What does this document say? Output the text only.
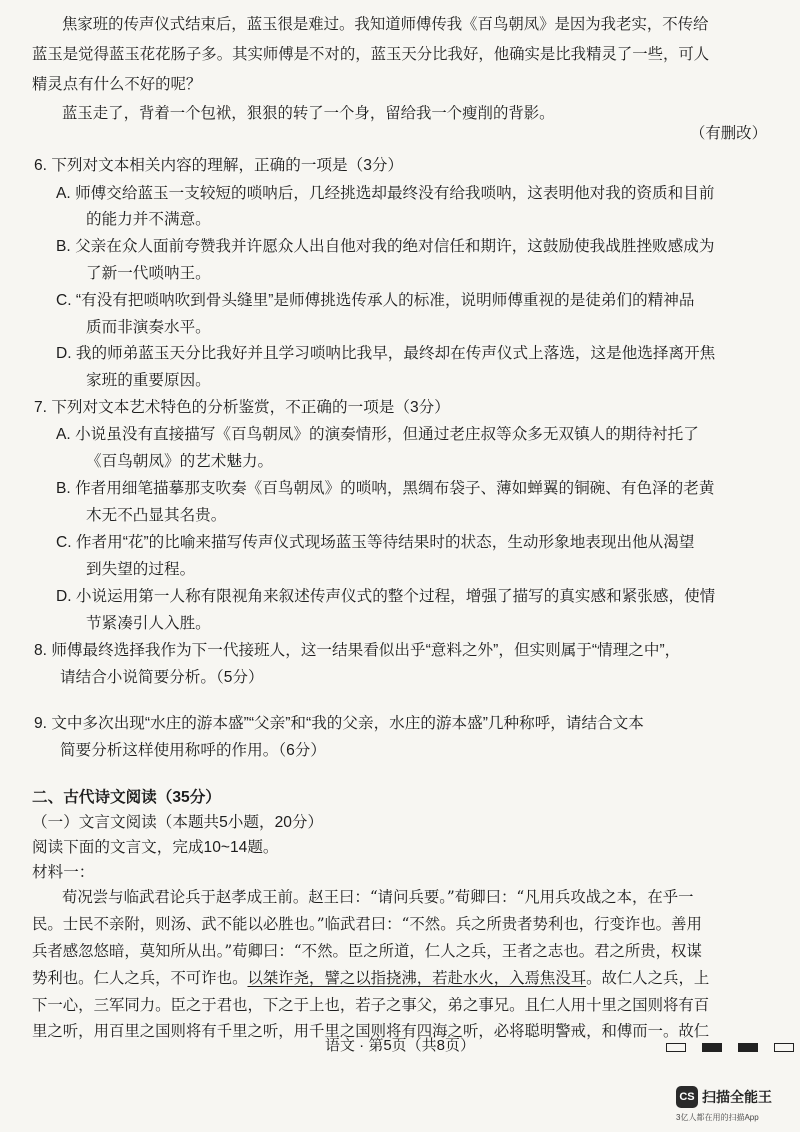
焦家班的传声仪式结束后，蓝玉很是难过。我知道师傅传我《百鸟朝凤》是因为我老实，不传给
蓝玉是觉得蓝玉花花肠子多。其实师傅是不对的，蓝玉天分比我好，他确实是比我精灵了一些，可人
精灵点有什么不好的呢？
蓝玉走了，背着一个包袱，狠狠的转了一个身，留给我一个瘦削的背影。
（有删改）
6. 下列对文本相关内容的理解，正确的一项是（3分）
A. 师傅交给蓝玉一支较短的唢呐后，几经挑选却最终没有给我唢呐，这表明他对我的资质和目前
的能力并不满意。
B. 父亲在众人面前夸赞我并许愿众人出自他对我的绝对信任和期许，这鼓励使我战胜挫败感成为
了新一代唢呐王。
C. “有没有把唢呐吹到骨头缝里”是师傅挑选传承人的标准，说明师傅重视的是徒弟们的精神品
质而非演奏水平。
D. 我的师弟蓝玉天分比我好并且学习唢呐比我早，最终却在传声仪式上落选，这是他选择离开焦
家班的重要原因。
7. 下列对文本艺术特色的分析鉴赏，不正确的一项是（3分）
A. 小说虽没有直接描写《百鸟朝凤》的演奏情形，但通过老庄叔等众多无双镇人的期待衬托了
《百鸟朝凤》的艺术魅力。
B. 作者用细笔描摹那支吹奏《百鸟朝凤》的唢呐，黑绸布袋子、薄如蝉翼的铜碗、有色泽的老黄
木无不凸显其名贵。
C. 作者用“花”的比喻来描写传声仪式现场蓝玉等待结果时的状态，生动形象地表现出他从渴望
到失望的过程。
D. 小说运用第一人称有限视角来叙述传声仪式的整个过程，增强了描写的真实感和紧张感，使情
节紧凑引人入胜。
8. 师傅最终选择我作为下一代接班人，这一结果看似出乎“意料之外”，但实则属于“情理之中”，
请结合小说简要分析。（5分）
9. 文中多次出现“水庄的游本盛”“父亲”和“我的父亲，水庄的游本盛”几种称呼，请结合文本
简要分析这样使用称呼的作用。（6分）
二、古代诗文阅读（35分）
（一）文言文阅读（本题共5小题，20分）
阅读下面的文言文，完成10~14题。
材料一：
荀况尝与临武君论兵于赵孝成王前。赵王曰：“请问兵要。”荀卿曰：“凡用兵攻战之本，在乎一
民。士民不亲附，则汤、武不能以必胜也。”临武君曰：“不然。兵之所贵者势利也，行变诈也。善用
兵者感忽悠暗，莫知所从出。”荀卿曰：“不然。臣之所道，仁人之兵，王者之志也。君之所贵，权谋
势利也。仁人之兵，不可诈也。以桀诈尧，譬之以指挠沸，若赴水火，入焉焦没耳。故仁人之兵，上
下一心，三军同力。臣之于君也，下之于上也，若子之事父，弟之事兄。且仁人用十里之国则将有百
里之听，用百里之国则将有千里之听，用千里之国则将有四海之听，必将聪明警戒，和傅而一。故仁
语文 · 第5页（共8页）
CS 扫描全能王
3亿人都在用的扫描App
